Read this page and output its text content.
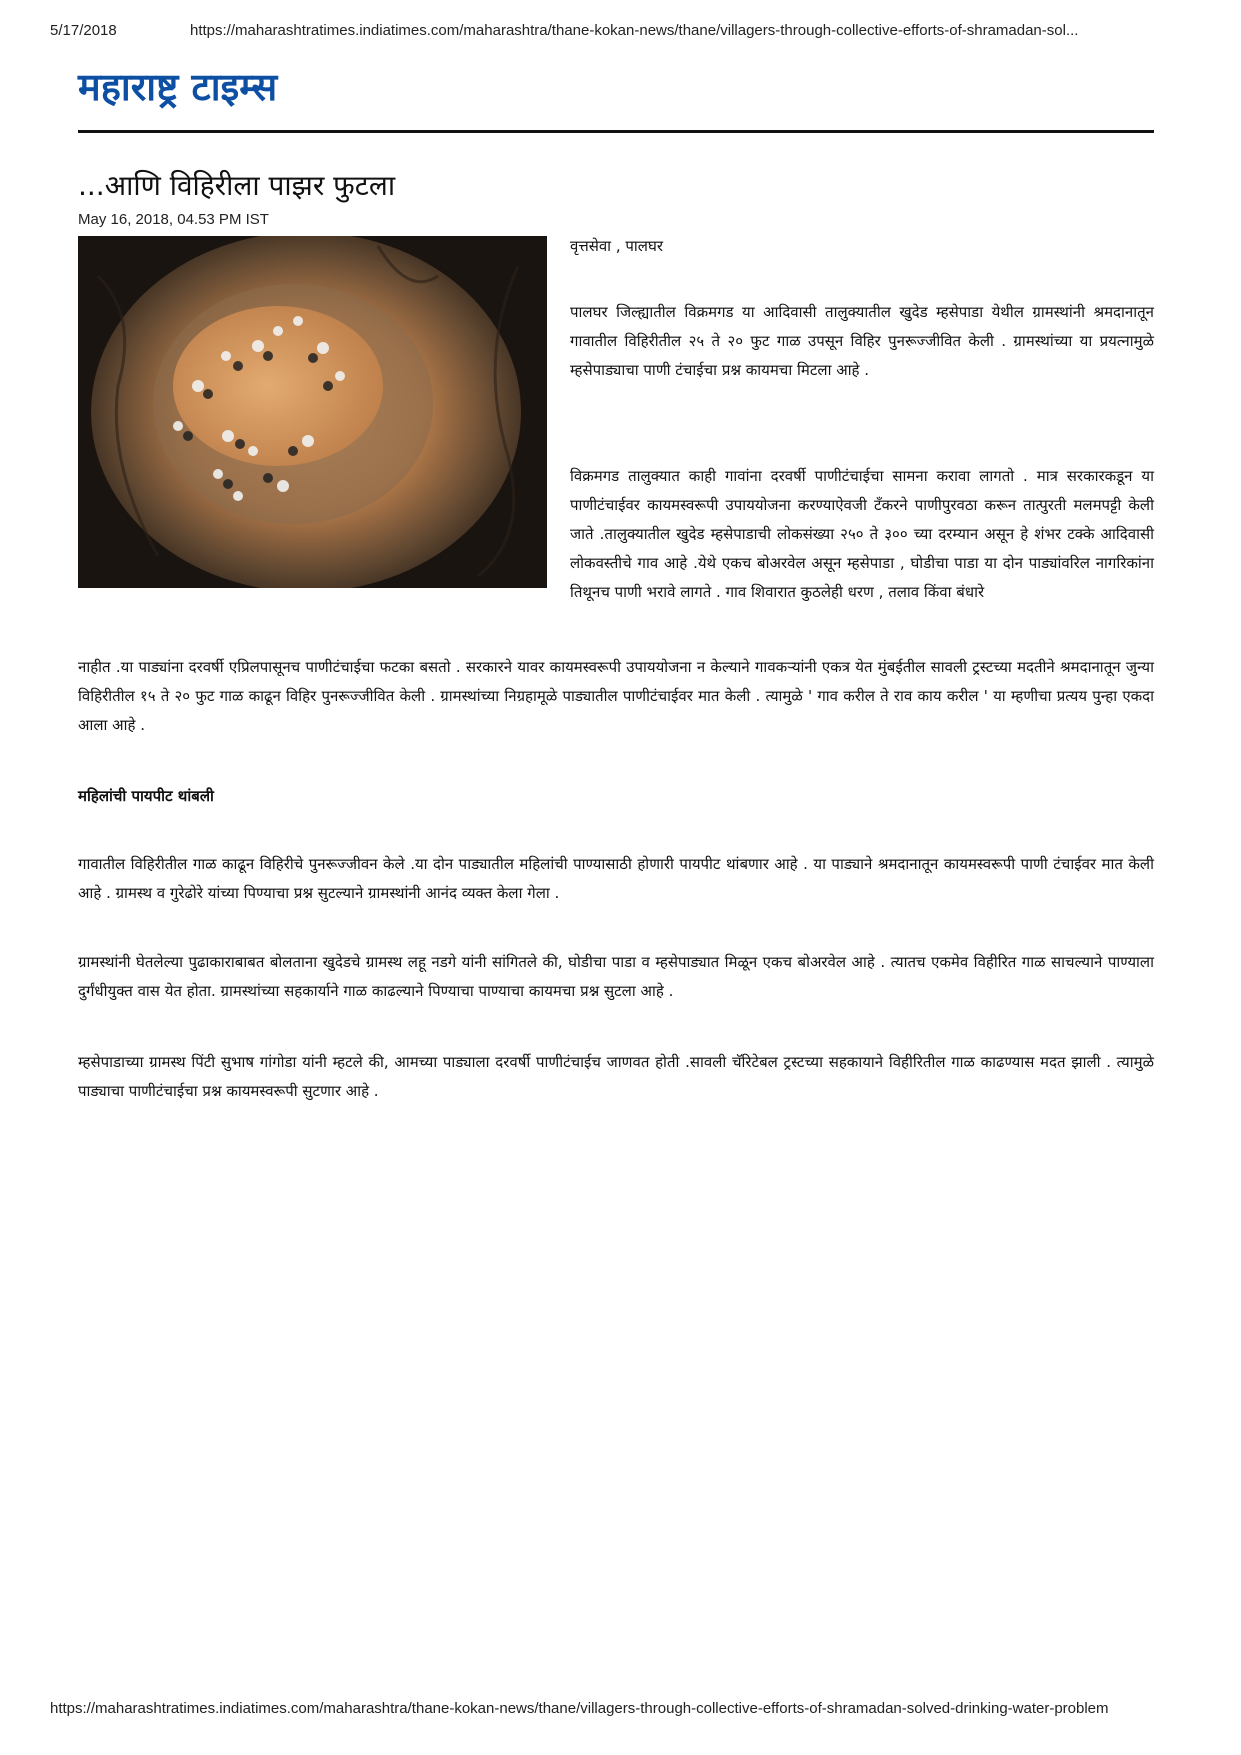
5/17/2018	https://maharashtratimes.indiatimes.com/maharashtra/thane-kokan-news/thane/villagers-through-collective-efforts-of-shramadan-sol...
महाराष्ट्र टाइम्स
...आणि विहिरीला पाझर फुटला
May 16, 2018, 04.53 PM IST
वृत्तसेवा , पालघर

पालघर जिल्ह्यातील विक्रमगड या आदिवासी तालुक्यातील खुदेड म्हसेपाडा येथील ग्रामस्थांनी श्रमदानातून गावातील विहिरीतील २५ ते २० फुट गाळ उपसून विहिर पुनरूज्जीवित केली . ग्रामस्थांच्या या प्रयत्नामुळे म्हसेपाड्याचा पाणी टंचाईचा प्रश्न कायमचा मिटला आहे .

विक्रमगड तालुक्यात काही गावांना दरवर्षी पाणीटंचाईचा सामना करावा लागतो . मात्र सरकारकडून या पाणीटंचाईवर कायमस्वरूपी उपाययोजना करण्याऐवजी टॅंकरने पाणीपुरवठा करून तात्पुरती मलमपट्टी केली जाते .तालुक्यातील खुदेड म्हसेपाडाची लोकसंख्या २५० ते ३०० च्या दरम्यान असून हे शंभर टक्के आदिवासी लोकवस्तीचे गाव आहे .येथे एकच बोअरवेल असून म्हसेपाडा , घोडीचा पाडा या दोन पाड्यांवरिल नागरिकांना तिथूनच पाणी भरावे लागते . गाव शिवारात कुठलेही धरण , तलाव किंवा बंधारे

नाहीत .या पाड्यांना दरवर्षी एप्रिलपासूनच पाणीटंचाईचा फटका बसतो . सरकारने यावर कायमस्वरूपी उपाययोजना न केल्याने गावकऱ्यांनी एकत्र येत मुंबईतील सावली ट्रस्टच्या मदतीने श्रमदानातून जुन्या विहिरीतील १५ ते २० फुट गाळ काढून विहिर पुनरूज्जीवित केली . ग्रामस्थांच्या निग्रहामूळे पाड्यातील पाणीटंचाईवर मात केली . त्यामुळे ' गाव करील ते राव काय करील ' या म्हणीचा प्रत्यय पुन्हा एकदा आला आहे .

महिलांची पायपीट थांबली

गावातील विहिरीतील गाळ काढून विहिरीचे पुनरूज्जीवन केले .या दोन पाड्यातील महिलांची पाण्यासाठी होणारी पायपीट थांबणार आहे . या पाड्याने श्रमदानातून कायमस्वरूपी पाणी टंचाईवर मात केली आहे . ग्रामस्थ व गुरेढोरे यांच्या पिण्याचा प्रश्न सुटल्याने ग्रामस्थांनी आनंद व्यक्त केला गेला .

ग्रामस्थांनी घेतलेल्या पुढाकाराबाबत बोलताना खुदेडचे ग्रामस्थ लहू नडगे यांनी सांगितले की, घोडीचा पाडा व म्हसेपाड्यात मिळून एकच बोअरवेल आहे . त्यातच एकमेव विहीरित गाळ साचल्याने पाण्याला दुर्गंधीयुक्त वास येत होता. ग्रामस्थांच्या सहकार्याने गाळ काढल्याने पिण्याचा पाण्याचा कायमचा प्रश्न सुटला आहे .

म्हसेपाडाच्या ग्रामस्थ पिंटी सुभाष गांगोडा यांनी म्हटले की, आमच्या पाड्याला दरवर्षी पाणीटंचाईच जाणवत होती .सावली चॅरिटेबल ट्रस्टच्या सहकायाने विहीरितील गाळ काढण्यास मदत झाली . त्यामुळे पाड्याचा पाणीटंचाईचा प्रश्न कायमस्वरूपी सुटणार आहे .

https://maharashtratimes.indiatimes.com/maharashtra/thane-kokan-news/thane/villagers-through-collective-efforts-of-shramadan-solved-drinking-water-problem
